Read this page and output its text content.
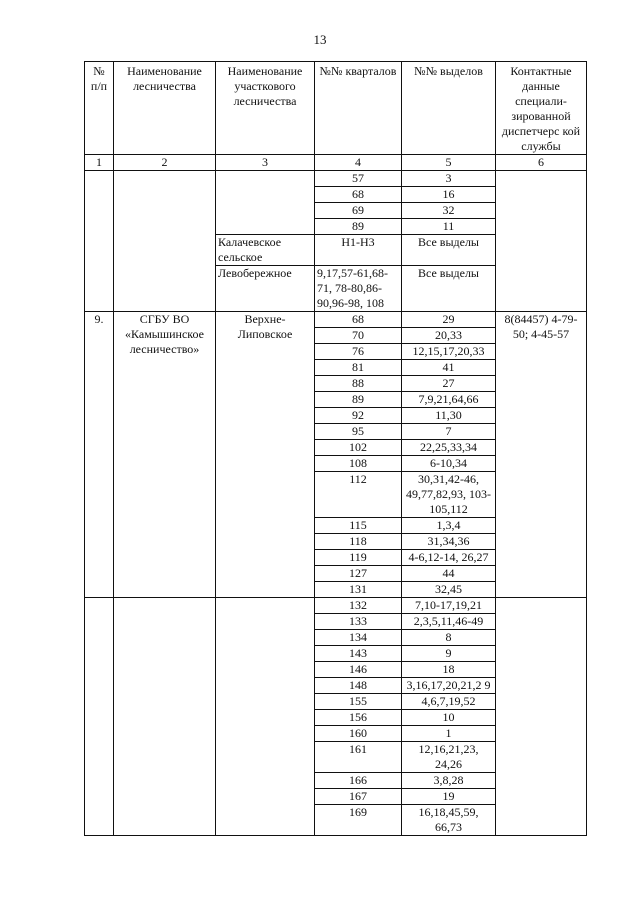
13
№ п/п	Наименование лесничества	Наименование участкового лесничества	№№ кварталов	№№ выделов	Контактные данные специали-зированной диспетчерс кой службы
1	2	3	4	5	6
			57	3	
			68	16	
			69	32	
			89	11	
		Калачевское сельское	Н1-Н3	Все выделы	
		Левобережное	9,17,57-61,68-71, 78-80,86-90,96-98, 108	Все выделы	
9.	СГБУ ВО «Камышинское лесничество»	Верхне-Липовское	68	29	8(84457) 4-79-50; 4-45-57
			70	20,33	
			76	12,15,17,20,33	
			81	41	
			88	27	
			89	7,9,21,64,66	
			92	11,30	
			95	7	
			102	22,25,33,34	
			108	6-10,34	
			112	30,31,42-46, 49,77,82,93, 103-105,112	
			115	1,3,4	
			118	31,34,36	
			119	4-6,12-14, 26,27	
			127	44	
			131	32,45	
			132	7,10-17,19,21	
			133	2,3,5,11,46-49	
			134	8	
			143	9	
			146	18	
			148	3,16,17,20,21,2 9	
			155	4,6,7,19,52	
			156	10	
			160	1	
			161	12,16,21,23, 24,26	
			166	3,8,28	
			167	19	
			169	16,18,45,59, 66,73	
